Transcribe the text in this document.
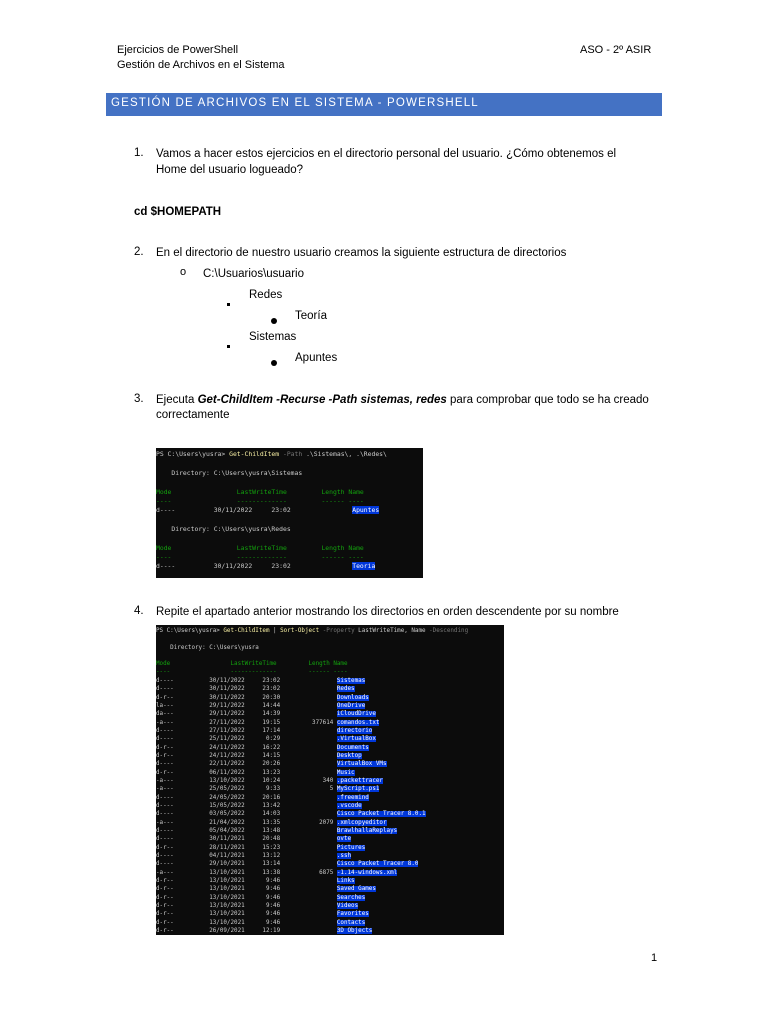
Ejercicios de PowerShell
Gestión de Archivos en el Sistema
ASO - 2º ASIR
GESTIÓN DE ARCHIVOS EN EL SISTEMA - POWERSHELL
1. Vamos a hacer estos ejercicios en el directorio personal del usuario. ¿Cómo obtenemos el
Home del usuario logueado?
cd $HOMEPATH
2. En el directorio de nuestro usuario creamos la siguiente estructura de directorios
o C:\Usuarios\usuario
Redes
Teoría
Sistemas
Apuntes
3. Ejecuta Get-ChildItem -Recurse -Path sistemas, redes para comprobar que todo se ha creado
correctamente

PS C:\Users\yusra> Get-ChildItem -Path .\Sistemas\, .\Redes\

Directory: C:\Users\yusra\Sistemas

Mode                 LastWriteTime         Length Name

----                 -------------         ------ ----

d----          30/11/2022     23:02                Apuntes

Directory: C:\Users\yusra\Redes

Mode                 LastWriteTime         Length Name

----                 -------------         ------ ----

d----          30/11/2022     23:02                Teoria

4. Repite el apartado anterior mostrando los directorios en orden descendente por su nombre

PS C:\Users\yusra> Get-ChildItem | Sort-Object -Property LastWriteTime, Name -Descending

Directory: C:\Users\yusra

Mode                 LastWriteTime         Length Name

----                 -------------         ------ ----

d----          30/11/2022     23:02                Sistemas
d----          30/11/2022     23:02                Redes
d-r--          30/11/2022     20:30                Downloads
la---          29/11/2022     14:44                OneDrive
da---          29/11/2022     14:39                iCloudDrive
-a---          27/11/2022     19:15         377614 comandos.txt
d----          27/11/2022     17:14                directorio
d----          25/11/2022      0:29                .VirtualBox
d-r--          24/11/2022     16:22                Documents
d-r--          24/11/2022     14:15                Desktop
d----          22/11/2022     20:26                VirtualBox VMs
d-r--          06/11/2022     13:23                Music
-a---          13/10/2022     10:24            340 .packettracer
-a---          25/05/2022      9:33              5 MyScript.ps1
d----          24/05/2022     20:16                .freemind
d----          15/05/2022     13:42                .vscode
d----          03/05/2022     14:03                Cisco Packet Tracer 8.0.1
-a---          21/04/2022     13:35           2079 .xmlcopyeditor
d----          05/04/2022     13:48                BrawlhallaReplays
d----          30/11/2021     20:48                ovte
d-r--          28/11/2021     15:23                Pictures
d----          04/11/2021     13:12                .ssh
d----          29/10/2021     13:14                Cisco Packet Tracer 8.0
-a---          13/10/2021     13:38           6875 -1.14-windows.xml
d-r--          13/10/2021      9:46                Links
d-r--          13/10/2021      9:46                Saved Games
d-r--          13/10/2021      9:46                Searches
d-r--          13/10/2021      9:46                Videos
d-r--          13/10/2021      9:46                Favorites
d-r--          13/10/2021      9:46                Contacts
d-r--          26/09/2021     12:19                3D Objects

1
